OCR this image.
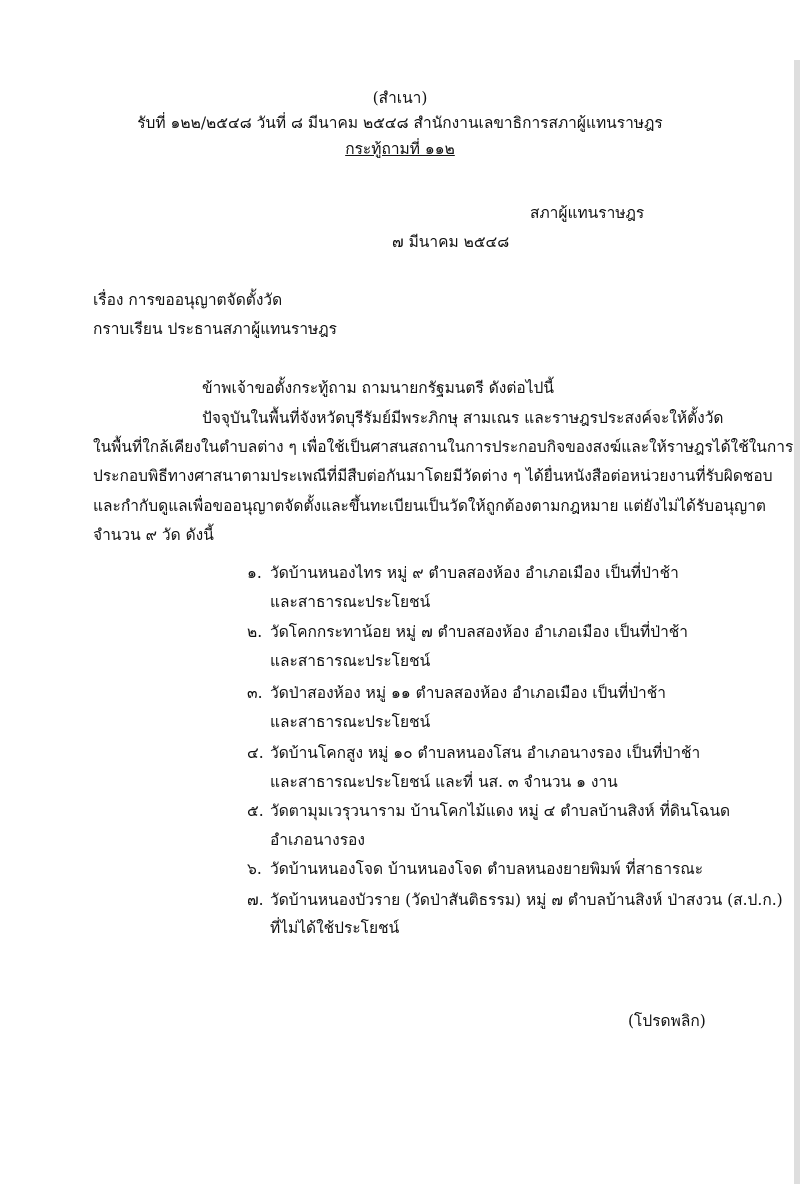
(สำเนา)
รับที่ ๑๒๒/๒๕๔๘ วันที่ ๘ มีนาคม ๒๕๔๘ สำนักงานเลขาธิการสภาผู้แทนราษฎร
กระทู้ถามที่ ๑๑๒
สภาผู้แทนราษฎร
๗ มีนาคม ๒๕๔๘
เรื่อง การขออนุญาตจัดตั้งวัด
กราบเรียน ประธานสภาผู้แทนราษฎร
ข้าพเจ้าขอตั้งกระทู้ถาม ถามนายกรัฐมนตรี ดังต่อไปนี้
ปัจจุบันในพื้นที่จังหวัดบุรีรัมย์มีพระภิกษุ สามเณร และราษฎรประสงค์จะให้ตั้งวัด
ในพื้นที่ใกล้เคียงในตำบลต่าง ๆ เพื่อใช้เป็นศาสนสถานในการประกอบกิจของสงฆ์และให้ราษฎรได้ใช้ในการ
ประกอบพิธีทางศาสนาตามประเพณีที่มีสืบต่อกันมาโดยมีวัดต่าง ๆ ได้ยื่นหนังสือต่อหน่วยงานที่รับผิดชอบ
และกำกับดูแลเพื่อขออนุญาตจัดตั้งและขึ้นทะเบียนเป็นวัดให้ถูกต้องตามกฎหมาย แต่ยังไม่ได้รับอนุญาต
จำนวน ๙ วัด ดังนี้
๑. วัดบ้านหนองไทร หมู่ ๙ ตำบลสองห้อง อำเภอเมือง เป็นที่ป่าช้า
และสาธารณะประโยชน์
๒. วัดโคกกระทาน้อย หมู่ ๗ ตำบลสองห้อง อำเภอเมือง เป็นที่ป่าช้า
และสาธารณะประโยชน์
๓. วัดป่าสองห้อง หมู่ ๑๑ ตำบลสองห้อง อำเภอเมือง เป็นที่ป่าช้า
และสาธารณะประโยชน์
๔. วัดบ้านโคกสูง หมู่ ๑๐ ตำบลหนองโสน อำเภอนางรอง เป็นที่ป่าช้า
และสาธารณะประโยชน์ และที่ นส. ๓ จำนวน ๑ งาน
๕. วัดตามุมเวรุวนาราม บ้านโคกไม้แดง หมู่ ๔ ตำบลบ้านสิงห์ ที่ดินโฉนด
อำเภอนางรอง
๖. วัดบ้านหนองโจด บ้านหนองโจด ตำบลหนองยายพิมพ์ ที่สาธารณะ
๗. วัดบ้านหนองบัวราย (วัดป่าสันติธรรม) หมู่ ๗ ตำบลบ้านสิงห์ ป่าสงวน (ส.ป.ก.)
ที่ไม่ได้ใช้ประโยชน์
(โปรดพลิก)
